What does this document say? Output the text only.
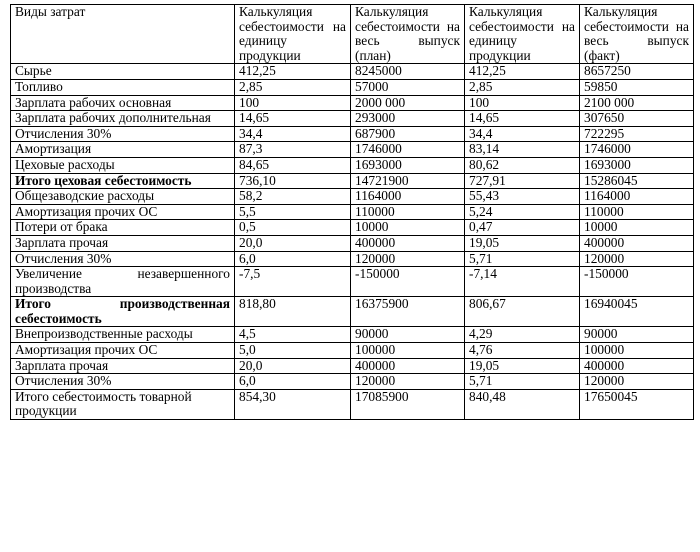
Виды затрат	Калькуляция себестоимости на единицу продукции	Калькуляция себестоимости на весь выпуск (план)	Калькуляция себестоимости на единицу продукции	Калькуляция себестоимости на весь выпуск (факт)
Сырье	412,25	8245000	412,25	8657250
Топливо	2,85	57000	2,85	59850
Зарплата рабочих основная	100	2000 000	100	2100 000
Зарплата рабочих дополнительная	14,65	293000	14,65	307650
Отчисления 30%	34,4	687900	34,4	722295
Амортизация	87,3	1746000	83,14	1746000
Цеховые расходы	84,65	1693000	80,62	1693000
Итого цеховая себестоимость	736,10	14721900	727,91	15286045
Общезаводские расходы	58,2	1164000	55,43	1164000
Амортизация прочих ОС	5,5	110000	5,24	110000
Потери от брака	0,5	10000	0,47	10000
Зарплата прочая	20,0	400000	19,05	400000
Отчисления 30%	6,0	120000	5,71	120000
Увеличение незавершенного производства	-7,5	-150000	-7,14	-150000
Итого производственная себестоимость	818,80	16375900	806,67	16940045
Внепроизводственные расходы	4,5	90000	4,29	90000
Амортизация прочих ОС	5,0	100000	4,76	100000
Зарплата прочая	20,0	400000	19,05	400000
Отчисления 30%	6,0	120000	5,71	120000
Итого себестоимость товарной продукции	854,30	17085900	840,48	17650045
